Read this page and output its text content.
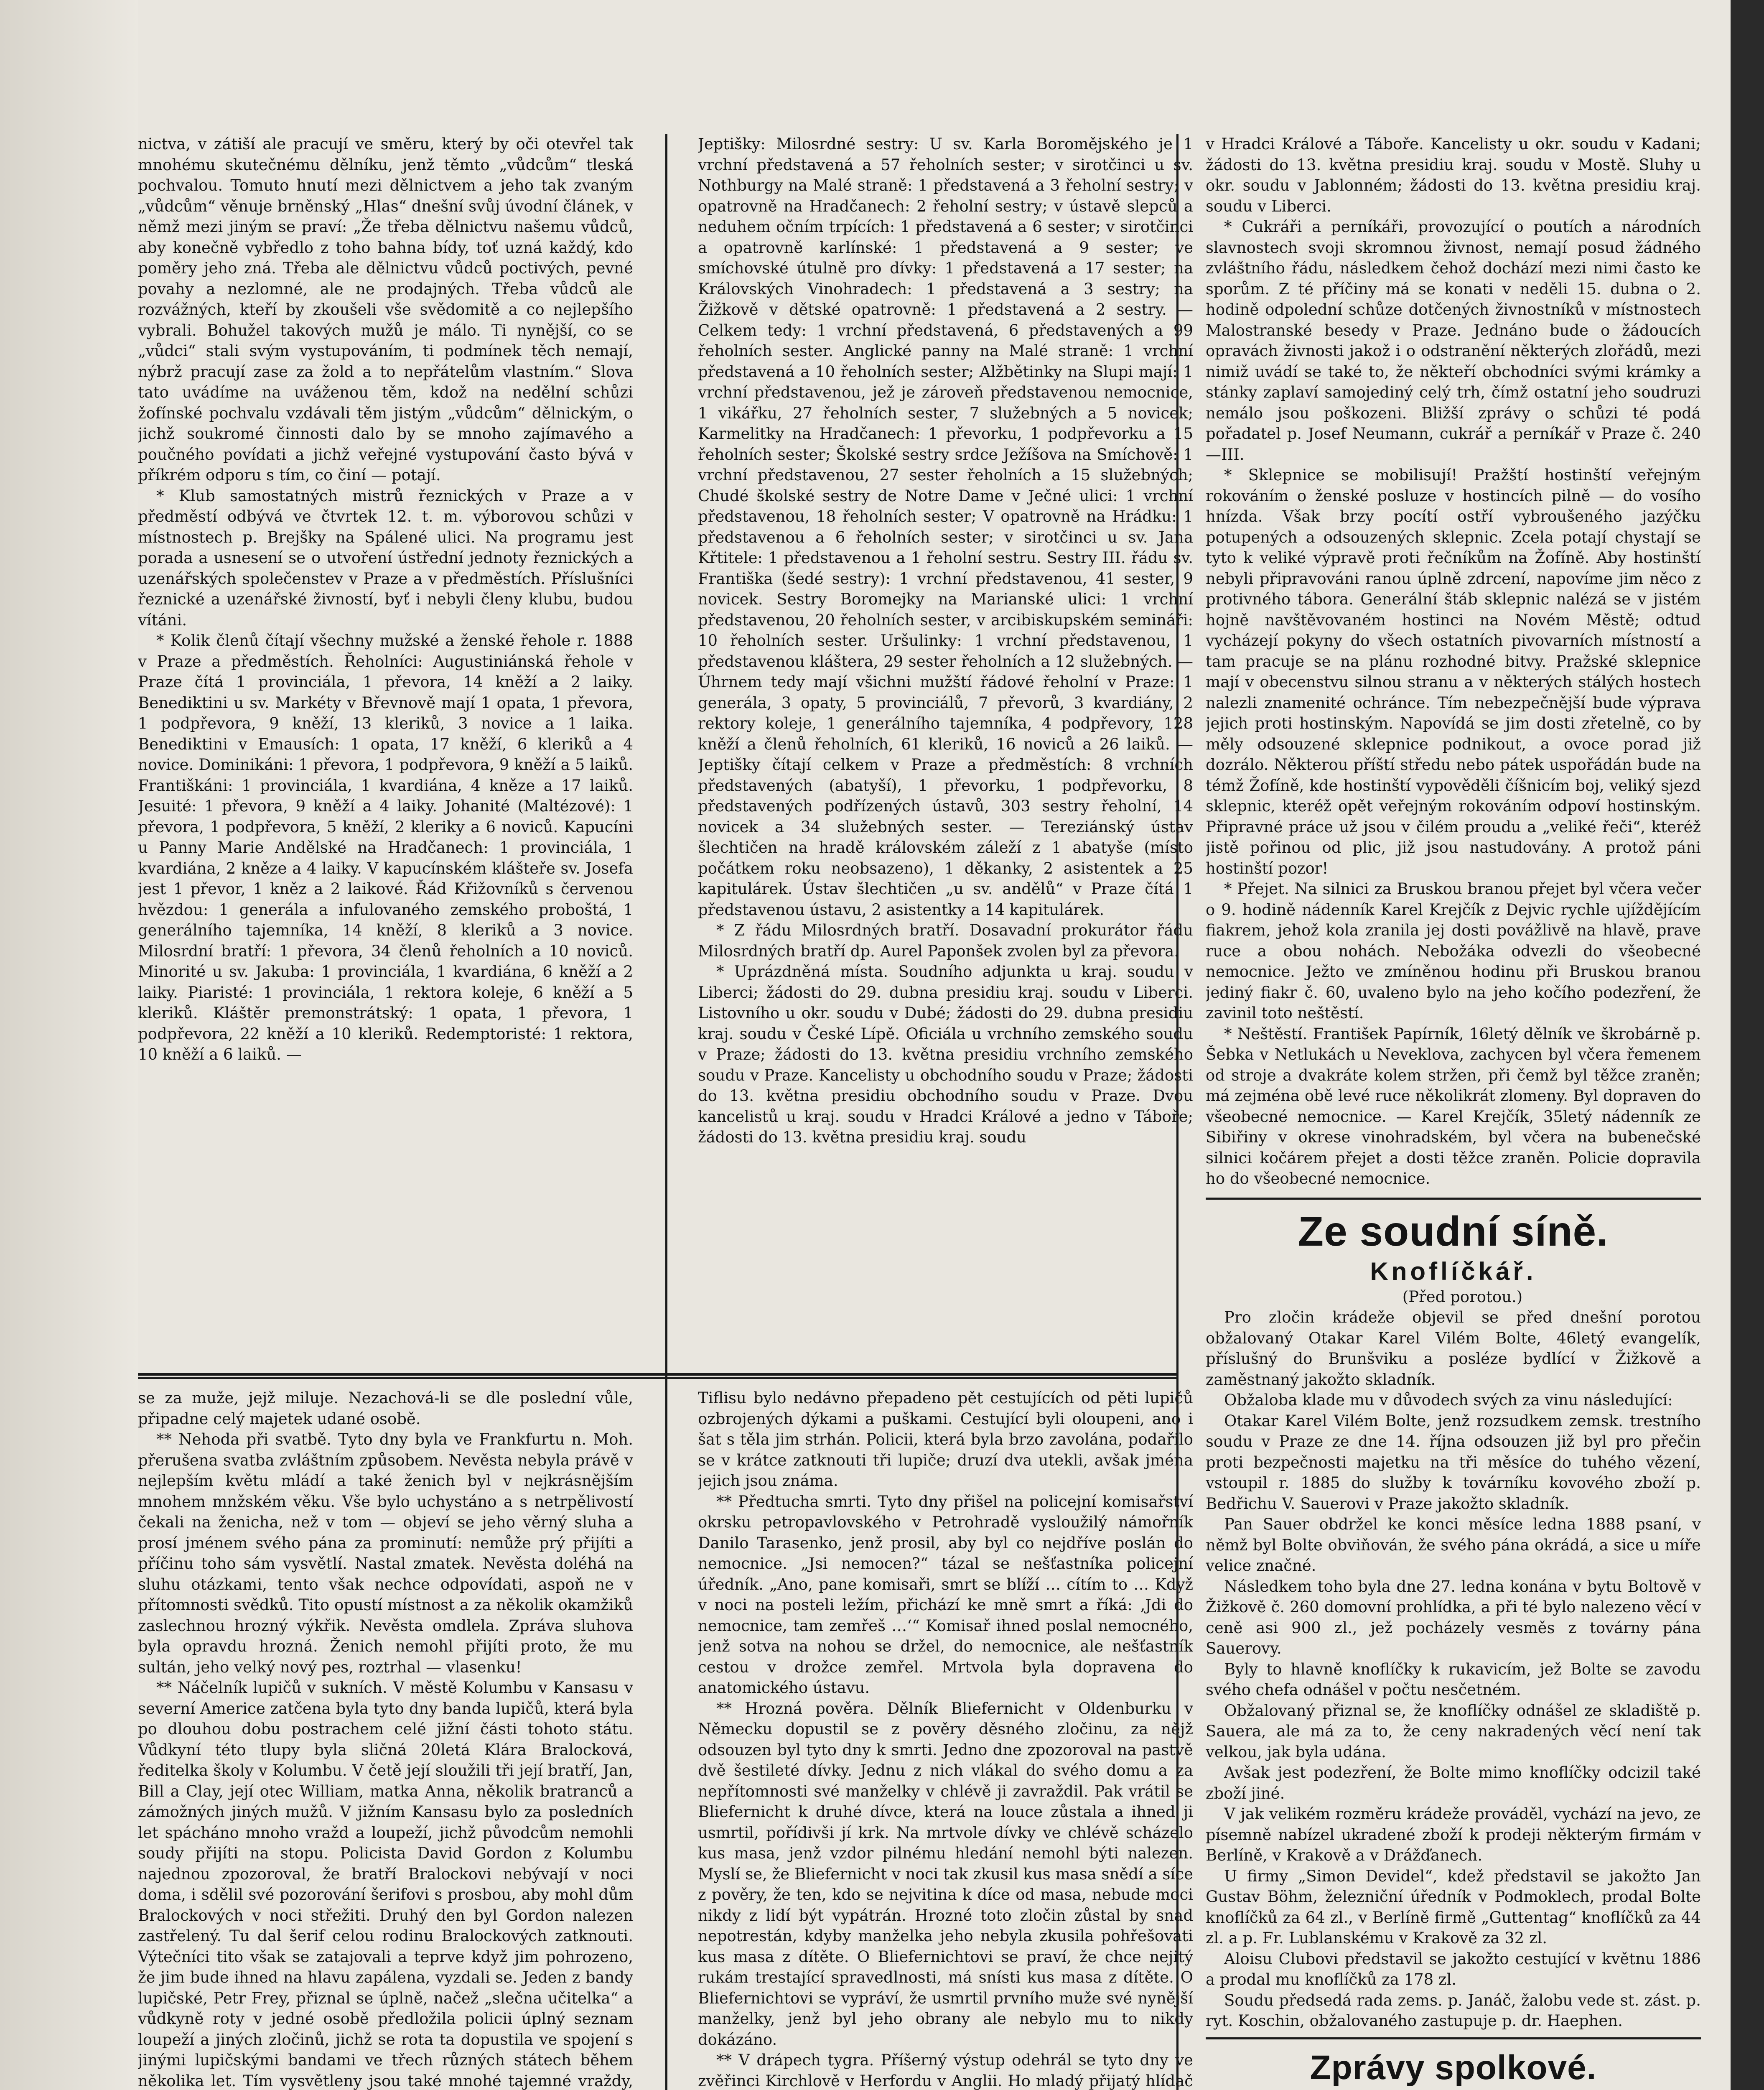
nictva, v zátiší ale pracují ve směru, který by oči otevřel tak mnohému skutečnému dělníku, jenž těmto „vůdcům“ tleská pochvalou. Tomuto hnutí mezi dělnictvem a jeho tak zvaným „vůdcům“ věnuje brněnský „Hlas“ dnešní svůj úvodní článek, v němž mezi jiným se praví: „Že třeba dělnictvu našemu vůdců, aby konečně vybředlo z toho bahna bídy, toť uzná každý, kdo poměry jeho zná. Třeba ale dělnictvu vůdců poctivých, pevné povahy a nezlomné, ale ne prodajných. Třeba vůdců ale rozvážných, kteří by zkoušeli vše svědomitě a co nejlepšího vybrali. Bohužel takových mužů je málo. Ti nynější, co se „vůdci“ stali svým vystupováním, ti podmínek těch nemají, nýbrž pracují zase za žold a to nepřátelům vlastním.“ Slova tato uvádíme na uváženou těm, kdož na nedělní schůzi žofínské pochvalu vzdávali těm jistým „vůdcům“ dělnickým, o jichž soukromé činnosti dalo by se mnoho zajímavého a poučného povídati a jichž veřejné vystupování často bývá v příkrém odporu s tím, co činí — potají.

* Klub samostatných mistrů řeznických v Praze a v předměstí odbývá ve čtvrtek 12. t. m. výborovou schůzi v místnostech p. Brejšky na Spálené ulici. Na programu jest porada a usnesení se o utvoření ústřední jednoty řeznických a uzenářských společenstev v Praze a v předměstích. Příslušníci řeznické a uzenářské živností, byť i nebyli členy klubu, budou vítáni.

* Kolik členů čítají všechny mužské a ženské řehole r. 1888 v Praze a předměstích. Řeholníci: Augustiniánská řehole v Praze čítá 1 provinciála, 1 převora, 14 kněží a 2 laiky. Benediktini u sv. Markéty v Břevnově mají 1 opata, 1 převora, 1 podpřevora, 9 kněží, 13 kleriků, 3 novice a 1 laika. Benediktini v Emausích: 1 opata, 17 kněží, 6 kleriků a 4 novice. Dominikáni: 1 převora, 1 podpřevora, 9 kněží a 5 laiků. Františkáni: 1 provinciála, 1 kvardiána, 4 kněze a 17 laiků. Jesuité: 1 převora, 9 kněží a 4 laiky. Johanité (Maltézové): 1 převora, 1 podpřevora, 5 kněží, 2 kleriky a 6 noviců. Kapucíni u Panny Marie Andělské na Hradčanech: 1 provinciála, 1 kvardiána, 2 kněze a 4 laiky. V kapucínském klášteře sv. Josefa jest 1 převor, 1 kněz a 2 laikové. Řád Křižovníků s červenou hvězdou: 1 generála a infulovaného zemského proboštá, 1 generálního tajemníka, 14 kněží, 8 kleriků a 3 novice. Milosrdní bratří: 1 převora, 34 členů řeholních a 10 noviců. Minorité u sv. Jakuba: 1 provinciála, 1 kvardiána, 6 kněží a 2 laiky. Piaristé: 1 provinciála, 1 rektora koleje, 6 kněží a 5 kleriků. Kláštěr premonstrátský: 1 opata, 1 převora, 1 podpřevora, 22 kněží a 10 kleriků. Redemptoristé: 1 rektora, 10 kněží a 6 laiků. —

Jeptišky: Milosrdné sestry: U sv. Karla Boromějského je 1 vrchní představená a 57 řeholních sester; v sirotčinci u sv. Nothburgy na Malé straně: 1 představená a 3 řeholní sestry; v opatrovně na Hradčanech: 2 řeholní sestry; v ústavě slepců a neduhem očním trpících: 1 představená a 6 sester; v sirotčinci a opatrovně karlínské: 1 představená a 9 sester; ve smíchovské útulně pro dívky: 1 představená a 17 sester; na Královských Vinohradech: 1 představená a 3 sestry; na Žižkově v dětské opatrovně: 1 představená a 2 sestry. — Celkem tedy: 1 vrchní představená, 6 představených a 99 řeholních sester. Anglické panny na Malé straně: 1 vrchní představená a 10 řeholních sester; Alžbětinky na Slupi mají: 1 vrchní představenou, jež je zároveň představenou nemocnice, 1 vikářku, 27 řeholních sester, 7 služebných a 5 novicek; Karmelitky na Hradčanech: 1 převorku, 1 podpřevorku a 15 řeholních sester; Školské sestry srdce Ježíšova na Smíchově: 1 vrchní představenou, 27 sester řeholních a 15 služebných; Chudé školské sestry de Notre Dame v Ječné ulici: 1 vrchní představenou, 18 řeholních sester; V opatrovně na Hrádku: 1 představenou a 6 řeholních sester; v sirotčinci u sv. Jana Křtitele: 1 představenou a 1 řeholní sestru. Sestry III. řádu sv. Františka (šedé sestry): 1 vrchní představenou, 41 sester, 9 novicek. Sestry Boromejky na Marianské ulici: 1 vrchní představenou, 20 řeholních sester, v arcibiskupském semináři: 10 řeholních sester. Uršulinky: 1 vrchní představenou, 1 představenou kláštera, 29 sester řeholních a 12 služebných. — Úhrnem tedy mají všichni mužští řádové řeholní v Praze: 1 generála, 3 opaty, 5 provinciálů, 7 převorů, 3 kvardiány, 2 rektory koleje, 1 generálního tajemníka, 4 podpřevory, 128 kněží a členů řeholních, 61 kleriků, 16 noviců a 26 laiků. — Jeptišky čítají celkem v Praze a předměstích: 8 vrchních představených (abatyší), 1 převorku, 1 podpřevorku, 8 představených podřízených ústavů, 303 sestry řeholní, 14 novicek a 34 služebných sester. — Tereziánský ústav šlechtičen na hradě královském záleží z 1 abatyše (místo počátkem roku neobsazeno), 1 děkanky, 2 asistentek a 25 kapitulárek. Ústav šlechtičen „u sv. andělů“ v Praze čítá 1 představenou ústavu, 2 asistentky a 14 kapitulárek.

* Z řádu Milosrdných bratří. Dosavadní prokurátor řádu Milosrdných bratří dp. Aurel Paponšek zvolen byl za převora.

* Uprázdněná místa. Soudního adjunkta u kraj. soudu v Liberci; žádosti do 29. dubna presidiu kraj. soudu v Liberci. Listovního u okr. soudu v Dubé; žádosti do 29. dubna presidiu kraj. soudu v České Lípě. Oficiála u vrchního zemského soudu v Praze; žádosti do 13. května presidiu vrchního zemského soudu v Praze. Kancelisty u obchodního soudu v Praze; žádosti do 13. května presidiu obchodního soudu v Praze. Dvou kancelistů u kraj. soudu v Hradci Králové a jedno v Táboře; žádosti do 13. května presidiu kraj. soudu

se za muže, jejž miluje. Nezachová-li se dle poslední vůle, připadne celý majetek udané osobě.

** Nehoda při svatbě. Tyto dny byla ve Frankfurtu n. Moh. přerušena svatba zvláštním způsobem. Nevěsta nebyla právě v nejlepším květu mládí a také ženich byl v nejkrásnějším mnohem mnžském věku. Vše bylo uchystáno a s netrpělivostí čekali na ženicha, než v tom — objeví se jeho věrný sluha a prosí jménem svého pána za prominutí: nemůže prý přijíti a příčinu toho sám vysvětlí. Nastal zmatek. Nevěsta doléhá na sluhu otázkami, tento však nechce odpovídati, aspoň ne v přítomnosti svědků. Tito opustí místnost a za několik okamžiků zaslechnou hrozný výkřik. Nevěsta omdlela. Zpráva sluhova byla opravdu hrozná. Ženich nemohl přijíti proto, že mu sultán, jeho velký nový pes, roztrhal — vlasenku!

** Náčelník lupičů v sukních. V městě Kolumbu v Kansasu v severní Americe zatčena byla tyto dny banda lupičů, která byla po dlouhou dobu postrachem celé jižní části tohoto státu. Vůdkyní této tlupy byla sličná 20letá Klára Bralocková, ředitelka školy v Kolumbu. V četě její sloužili tři její bratří, Jan, Bill a Clay, její otec William, matka Anna, několik bratranců a zámožných jiných mužů. V jižním Kansasu bylo za posledních let spácháno mnoho vražd a loupeží, jichž původcům nemohli soudy přijíti na stopu. Policista David Gordon z Kolumbu najednou zpozoroval, že bratří Bralockovi nebývají v noci doma, i sdělil své pozorování šerifovi s prosbou, aby mohl dům Bralockových v noci střežiti. Druhý den byl Gordon nalezen zastřelený. Tu dal šerif celou rodinu Bralockových zatknouti. Výtečníci tito však se zatajovali a teprve když jim pohrozeno, že jim bude ihned na hlavu zapálena, vyzdali se. Jeden z bandy lupičské, Petr Frey, přiznal se úplně, načež „slečna učitelka“ a vůdkyně roty v jedné osobě předložila policii úplný seznam loupeží a jiných zločinů, jichž se rota ta dopustila ve spojení s jinými lupičskými bandami ve třech různých státech během několika let. Tím vysvětleny jsou také mnohé tajemné vraždy,

Tiflisu bylo nedávno přepadeno pět cestujících od pěti lupičů ozbrojených dýkami a puškami. Cestující byli oloupeni, ano i šat s těla jim strhán. Policii, která byla brzo zavolána, podařilo se v krátce zatknouti tři lupiče; druzí dva utekli, avšak jména jejich jsou známa.

** Předtucha smrti. Tyto dny přišel na policejní komisařství okrsku petropavlovského v Petrohradě vysloužilý námořník Danilo Tarasenko, jenž prosil, aby byl co nejdříve poslán do nemocnice. „Jsi nemocen?“ tázal se nešťastníka policejní úředník. „Ano, pane komisaři, smrt se blíží … cítím to … Když v noci na posteli ležím, přichází ke mně smrt a říká: ‚Jdi do nemocnice, tam zemřeš …‘“ Komisař ihned poslal nemocného, jenž sotva na nohou se držel, do nemocnice, ale nešťastník cestou v drožce zemřel. Mrtvola byla dopravena do anatomického ústavu.

** Hrozná pověra. Dělník Bliefernicht v Oldenburku v Německu dopustil se z pověry děsného zločinu, za nějž odsouzen byl tyto dny k smrti. Jedno dne zpozoroval na pastvě dvě šestileté dívky. Jednu z nich vlákal do svého domu a za nepřítomnosti své manželky v chlévě ji zavraždil. Pak vrátil se Bliefernicht k druhé dívce, která na louce zůstala a ihned ji usmrtil, pořídivši jí krk. Na mrtvole dívky ve chlévě scházelo kus masa, jenž vzdor pilnému hledání nemohl býti nalezen. Myslí se, že Bliefernicht v noci tak zkusil kus masa snědí a síce z pověry, že ten, kdo se nejvitina k díce od masa, nebude moci nikdy z lidí být vypátrán. Hrozné toto zločin zůstal by snad nepotrestán, kdyby manželka jeho nebyla zkusila pohřešovati kus masa z dítěte. O Bliefernichtovi se praví, že chce nejitý rukám trestající spravedlnosti, má snísti kus masa z dítěte. O Bliefernichtovi se vypráví, že usmrtil prvního muže své nynější manželky, jenž byl jeho obrany ale nebylo mu to nikdy dokázáno.

** V drápech tygra. Příšerný výstup odehrál se tyto dny ve zvěřinci Kirchlově v Herfordu v Anglii. Ho mladý přijatý hlídač

v Hradci Králové a Táboře. Kancelisty u okr. soudu v Kadani; žádosti do 13. května presidiu kraj. soudu v Mostě. Sluhy u okr. soudu v Jablonném; žádosti do 13. května presidiu kraj. soudu v Liberci.

* Cukráři a perníkáři, provozující o poutích a národních slavnostech svoji skromnou živnost, nemají posud žádného zvláštního řádu, následkem čehož dochází mezi nimi často ke sporům. Z té příčiny má se konati v neděli 15. dubna o 2. hodině odpolední schůze dotčených živnostníků v místnostech Malostranské besedy v Praze. Jednáno bude o žádoucích opravách živnosti jakož i o odstranění některých zlořádů, mezi nimiž uvádí se také to, že někteří obchodníci svými krámky a stánky zaplaví samojediný celý trh, čímž ostatní jeho soudruzi nemálo jsou poškozeni. Bližší zprávy o schůzi té podá pořadatel p. Josef Neumann, cukrář a perníkář v Praze č. 240—III.

* Sklepnice se mobilisují! Pražští hostinští veřejným rokováním o ženské posluze v hostincích pilně — do vosího hnízda. Však brzy pocítí ostří vybroušeného jazýčku potupených a odsouzených sklepnic. Zcela potají chystají se tyto k veliké výpravě proti řečníkům na Žofíně. Aby hostinští nebyli připravováni ranou úplně zdrcení, napovíme jim něco z protivného tábora. Generální štáb sklepnic nalézá se v jistém hojně navštěvovaném hostinci na Novém Městě; odtud vycházejí pokyny do všech ostatních pivovarních místností a tam pracuje se na plánu rozhodné bitvy. Pražské sklepnice mají v obecenstvu silnou stranu a v některých stálých hostech nalezli znamenité ochránce. Tím nebezpečnější bude výprava jejich proti hostinským. Napovídá se jim dosti zřetelně, co by měly odsouzené sklepnice podnikout, a ovoce porad již dozrálo. Některou příští středu nebo pátek uspořádán bude na témž Žofíně, kde hostinští vypověděli číšnicím boj, veliký sjezd sklepnic, kteréž opět veřejným rokováním odpoví hostinským. Připravné práce už jsou v čilém proudu a „veliké řeči“, kteréž jistě pořinou od plic, již jsou nastudovány. A protož páni hostinští pozor!

* Přejet. Na silnici za Bruskou branou přejet byl včera večer o 9. hodině nádenník Karel Krejčík z Dejvic rychle ujíždějícím fiakrem, jehož kola zranila jej dosti povážlivě na hlavě, prave ruce a obou nohách. Nebožáka odvezli do všeobecné nemocnice. Ježto ve zmíněnou hodinu při Bruskou branou jediný fiakr č. 60, uvaleno bylo na jeho kočího podezření, že zavinil toto neštěstí.

* Neštěstí. František Papírník, 16letý dělník ve škrobárně p. Šebka v Netlukách u Neveklova, zachycen byl včera řemenem od stroje a dvakráte kolem stržen, při čemž byl těžce zraněn; má zejména obě levé ruce několikrát zlomeny. Byl dopraven do všeobecné nemocnice. — Karel Krejčík, 35letý nádenník ze Sibiřiny v okrese vinohradském, byl včera na bubenečské silnici kočárem přejet a dosti těžce zraněn. Policie dopravila ho do všeobecné nemocnice.

Ze soudní síně.
Knoflíčkář.

(Před porotou.)

Pro zločin krádeže objevil se před dnešní porotou obžalovaný Otakar Karel Vilém Bolte, 46letý evangelík, příslušný do Brunšviku a posléze bydlící v Žižkově a zaměstnaný jakožto skladník.

Obžaloba klade mu v důvodech svých za vinu následující:

Otakar Karel Vilém Bolte, jenž rozsudkem zemsk. trestního soudu v Praze ze dne 14. října odsouzen již byl pro přečin proti bezpečnosti majetku na tři měsíce do tuhého vězení, vstoupil r. 1885 do služby k továrníku kovového zboží p. Bedřichu V. Sauerovi v Praze jakožto skladník.

Pan Sauer obdržel ke konci měsíce ledna 1888 psaní, v němž byl Bolte obviňován, že svého pána okrádá, a sice u míře velice značné.

Následkem toho byla dne 27. ledna konána v bytu Boltově v Žižkově č. 260 domovní prohlídka, a při té bylo nalezeno věcí v ceně asi 900 zl., jež pocházely vesměs z továrny pána Sauerovy.

Byly to hlavně knoflíčky k rukavicím, jež Bolte se zavodu svého chefa odnášel v počtu nesčetném.

Obžalovaný přiznal se, že knoflíčky odnášel ze skladiště p. Sauera, ale má za to, že ceny nakradených věcí není tak velkou, jak byla udána.

Avšak jest podezření, že Bolte mimo knoflíčky odcizil také zboží jiné.

V jak velikém rozměru krádeže prováděl, vychází na jevo, ze písemně nabízel ukradené zboží k prodeji některým firmám v Berlíně, v Krakově a v Drážďanech.

U firmy „Simon Devidel“, kdež představil se jakožto Jan Gustav Böhm, železniční úředník v Podmoklech, prodal Bolte knoflíčků za 64 zl., v Berlíně firmě „Guttentag“ knoflíčků za 44 zl. a p. Fr. Lublanskému v Krakově za 32 zl.

Aloisu Clubovi představil se jakožto cestující v květnu 1886 a prodal mu knoflíčků za 178 zl.

Soudu předsedá rada zems. p. Janáč, žalobu vede st. zást. p. ryt. Koschin, obžalovaného zastupuje p. dr. Haephen.

Zprávy spolkové.
